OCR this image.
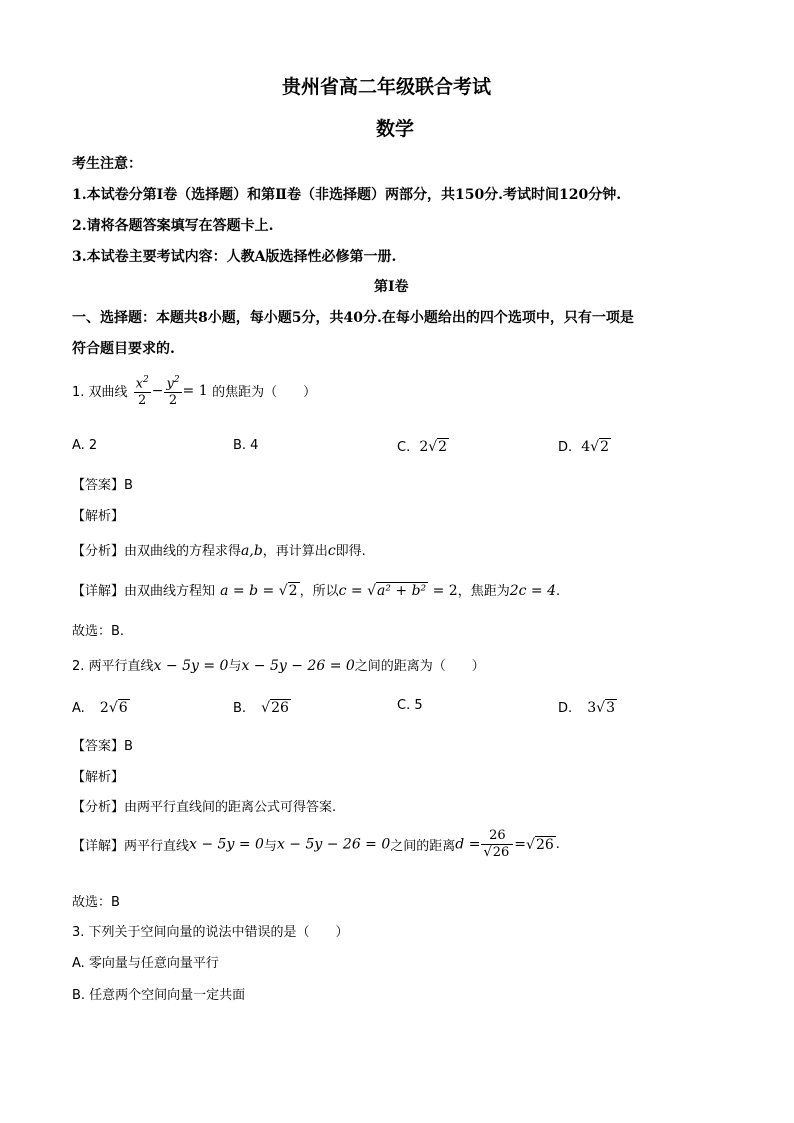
贵州省高二年级联合考试
数学
考生注意：
1.本试卷分第Ⅰ卷（选择题）和第Ⅱ卷（非选择题）两部分，共150分.考试时间120分钟.
2.请将各题答案填写在答题卡上.
3.本试卷主要考试内容：人教A版选择性必修第一册.
第Ⅰ卷
一、选择题：本题共8小题，每小题5分，共40分.在每小题给出的四个选项中，只有一项是
符合题目要求的.
1. 双曲线 $\frac{x^2}{2} - \frac{y^2}{2} = 1$ 的焦距为（　　）
A. 2	B. 4	C. 2√2	D. 4√2
【答案】B
【解析】
【分析】由双曲线的方程求得a,b，再计算出c即得.
【详解】由双曲线方程知 a = b = √2 ，所以c = √a² + b² = 2，焦距为2c = 4.
故选：B.
2. 两平行直线x − 5y = 0与x − 5y − 26 = 0之间的距离为（　　）
A. 2√6	B. √26	C. 5	D. 3√3
【答案】B
【解析】
【分析】由两平行直线间的距离公式可得答案.
【详解】两平行直线x − 5y = 0与x − 5y − 26 = 0之间的距离$d = \frac{26}{√26} =√26$ .
故选：B
3. 下列关于空间向量的说法中错误的是（　　）
A. 零向量与任意向量平行
B. 任意两个空间向量一定共面
